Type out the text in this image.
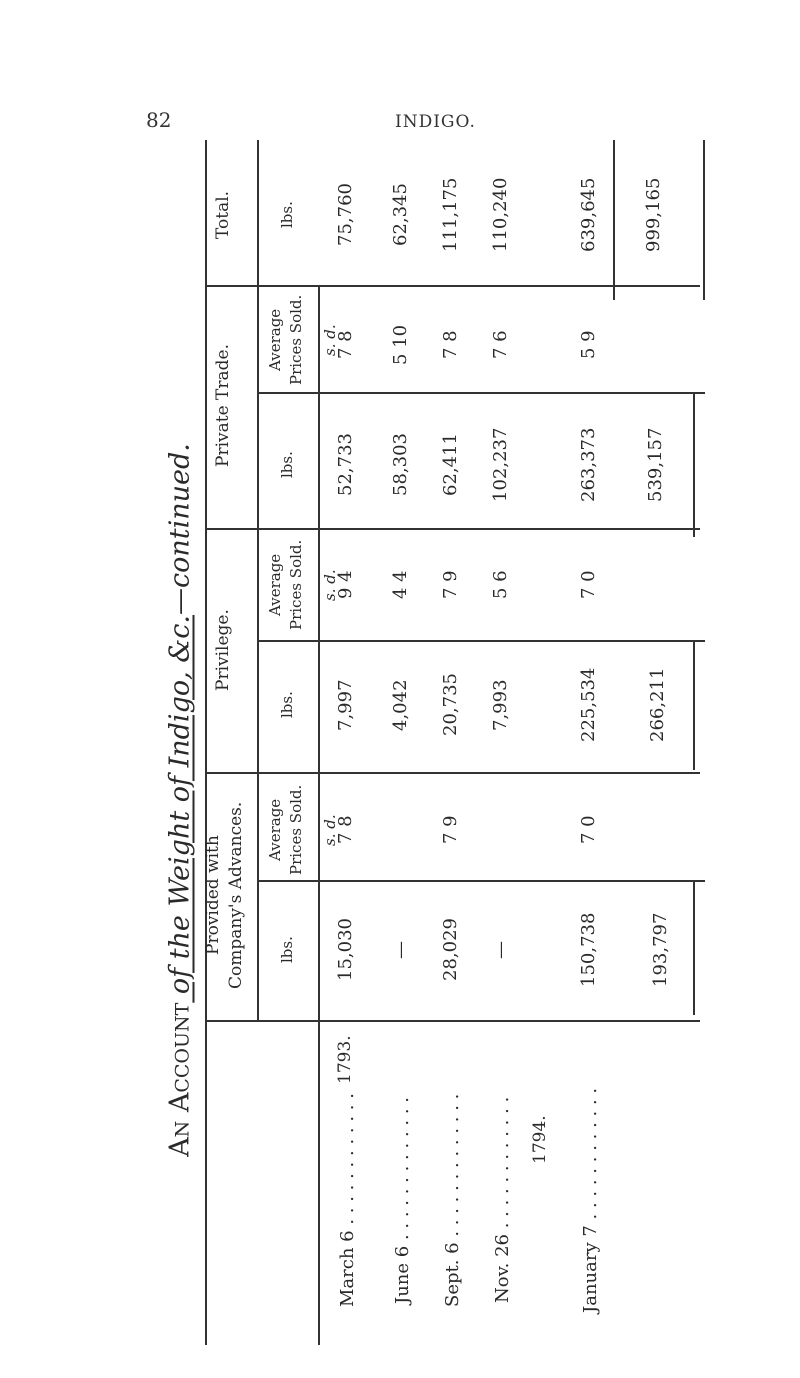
82	INDIGO.
An Account of the Weight of Indigo, &c.—continued.
Total.
Private Trade.
Privilege.
Provided with Company's Advances.
lbs.
lbs.
lbs.
lbs.
Average Prices Sold. s. d.
Average Prices Sold. s. d.
Average Prices Sold. s. d.
75,760
52,733
7 8
7,997
9 4
15,030
7 8
March 6 . . . . . . . . . . . .
62,345
58,303
5 10
4,042
4 4
—
June 6 . . . . . . . . . . . . .
111,175
62,411
7 8
20,735
7 9
28,029
7 9
Sept. 6 . . . . . . . . . . . . .
110,240
102,237
7 6
7,993
5 6
—
Nov. 26 . . . . . . . . . . . .
639,645
263,373
5 9
225,534
7 0
150,738
7 0
January 7 . . . . . . . . . . . .
1793.
1794.
999,165
539,157
266,211
193,797
